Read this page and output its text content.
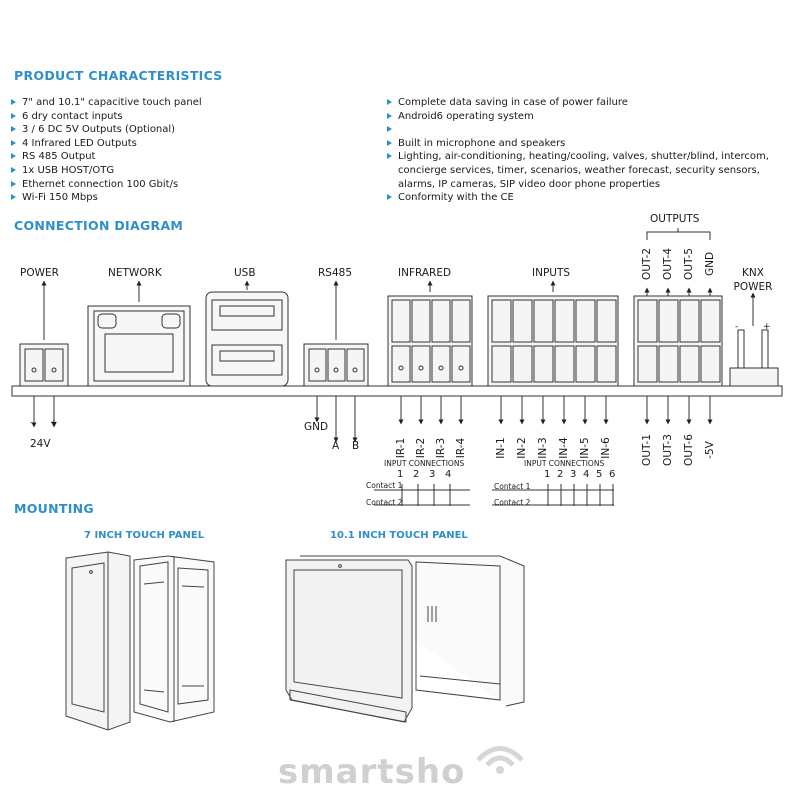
smartsho
PRODUCT CHARACTERISTICS
7" and 10.1" capacitive touch panel
6 dry contact inputs
3 / 6 DC 5V Outputs (Optional)
4 Infrared LED Outputs
RS 485 Output
1x USB HOST/OTG
Ethernet connection 100 Gbit/s
Wi-Fi 150 Mbps
Complete data saving in case of power failure
Android6 operating system
Built in microphone and speakers
Lighting, air-conditioning, heating/cooling, valves, shutter/blind, intercom, concierge services, timer, scenarios, weather forecast, security sensors, alarms, IP cameras, SIP video door phone properties
Conformity with the CE
CONNECTION DIAGRAM
POWER	NETWORK	USB	RS485	INFRARED	INPUTS
OUTPUTS
KNX POWER
- +
24V
GND
A B	IR-1 IR-2 IR-3 IR-4	IN-1 IN-2 IN-3 IN-4 IN-5 IN-6
OUT-2 OUT-4 OUT-5 GND
OUT-1 OUT-3 OUT-6 -5V
-	+
INPUT CONNECTIONS
1 2 3 4
Contact 1
Contact 2
INPUT CONNECTIONS
1 2 3 4 5 6
Contact 1
Contact 2
MOUNTING
7 INCH TOUCH PANEL	10.1 INCH TOUCH PANEL
